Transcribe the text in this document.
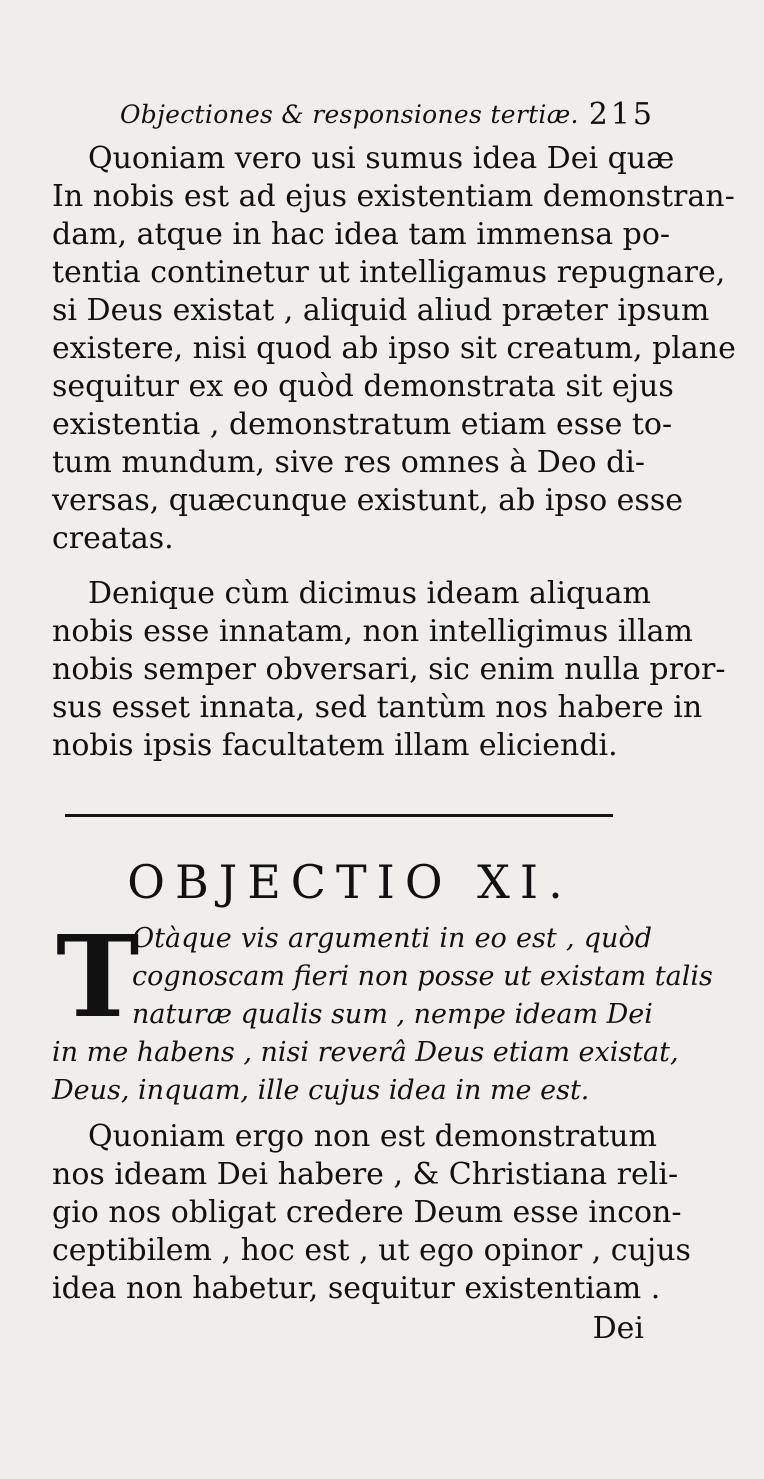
Objectiones & responsiones tertiæ. 215
Quoniam vero usi sumus idea Dei quæ
In nobis est ad ejus existentiam demonstran-
dam, atque in hac idea tam immensa po-
tentia continetur ut intelligamus repugnare,
si Deus existat , aliquid aliud præter ipsum
existere, nisi quod ab ipso sit creatum, plane
sequitur ex eo quòd demonstrata sit ejus
existentia , demonstratum etiam esse to-
tum mundum, sive res omnes à Deo di-
versas, quæcunque existunt, ab ipso esse
creatas.
Denique cùm dicimus ideam aliquam
nobis esse innatam, non intelligimus illam
nobis semper obversari, sic enim nulla pror-
sus esset innata, sed tantùm nos habere in
nobis ipsis facultatem illam eliciendi.
OBJECTIO XI.
T
Otàque vis argumenti in eo est , quòd
cognoscam fieri non posse ut existam talis
naturæ qualis sum , nempe ideam Dei
in me habens , nisi reverâ Deus etiam existat,
Deus, inquam, ille cujus idea in me est.
Quoniam ergo non est demonstratum
nos ideam Dei habere , & Christiana reli-
gio nos obligat credere Deum esse incon-
ceptibilem , hoc est , ut ego opinor , cujus
idea non habetur, sequitur existentiam .
Dei
